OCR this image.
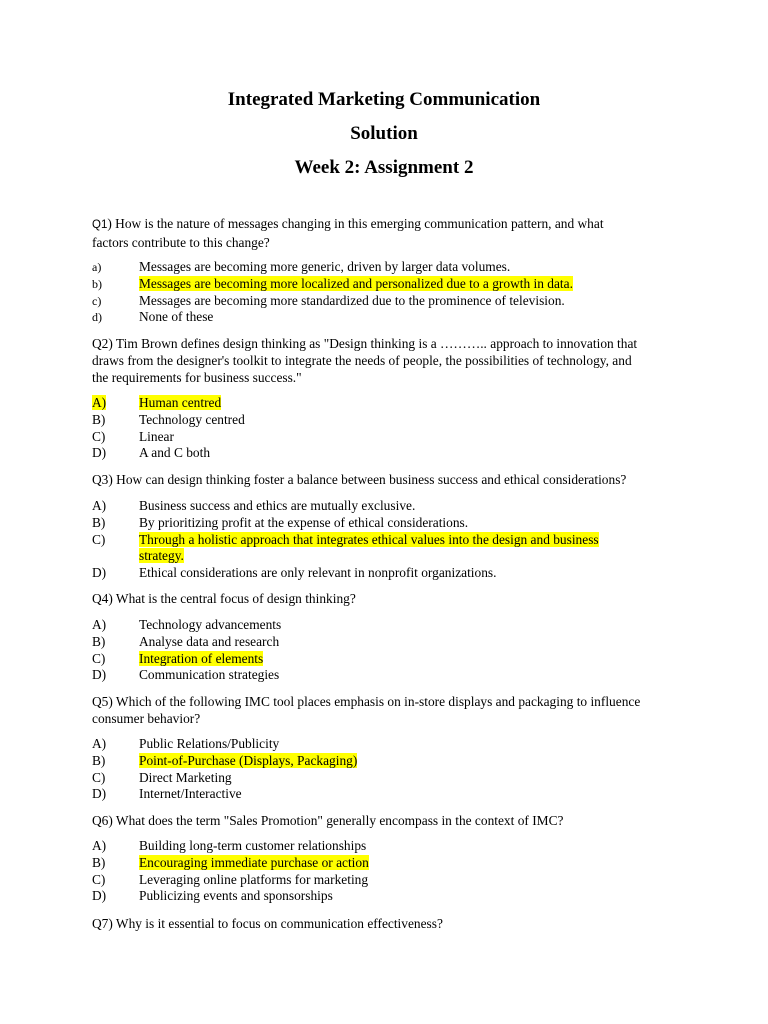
Integrated Marketing Communication
Solution
Week 2: Assignment 2

Q1) How is the nature of messages changing in this emerging communication pattern, and what
factors contribute to this change?

a)	Messages are becoming more generic, driven by larger data volumes.
b)	Messages are becoming more localized and personalized due to a growth in data.
c)	Messages are becoming more standardized due to the prominence of television.
d)	None of these

Q2) Tim Brown defines design thinking as "Design thinking is a ……….. approach to innovation that
draws from the designer's toolkit to integrate the needs of people, the possibilities of technology, and
the requirements for business success."

A)	Human centred
B)	Technology centred
C)	Linear
D)	A and C both

Q3) How can design thinking foster a balance between business success and ethical considerations?

A)	Business success and ethics are mutually exclusive.
B)	By prioritizing profit at the expense of ethical considerations.
C)	Through a holistic approach that integrates ethical values into the design and business
strategy.
D)	Ethical considerations are only relevant in nonprofit organizations.

Q4) What is the central focus of design thinking?

A)	Technology advancements
B)	Analyse data and research
C)	Integration of elements
D)	Communication strategies

Q5) Which of the following IMC tool places emphasis on in-store displays and packaging to influence
consumer behavior?

A)	Public Relations/Publicity
B)	Point-of-Purchase (Displays, Packaging)
C)	Direct Marketing
D)	Internet/Interactive

Q6) What does the term "Sales Promotion" generally encompass in the context of IMC?

A)	Building long-term customer relationships
B)	Encouraging immediate purchase or action
C)	Leveraging online platforms for marketing
D)	Publicizing events and sponsorships

Q7) Why is it essential to focus on communication effectiveness?
